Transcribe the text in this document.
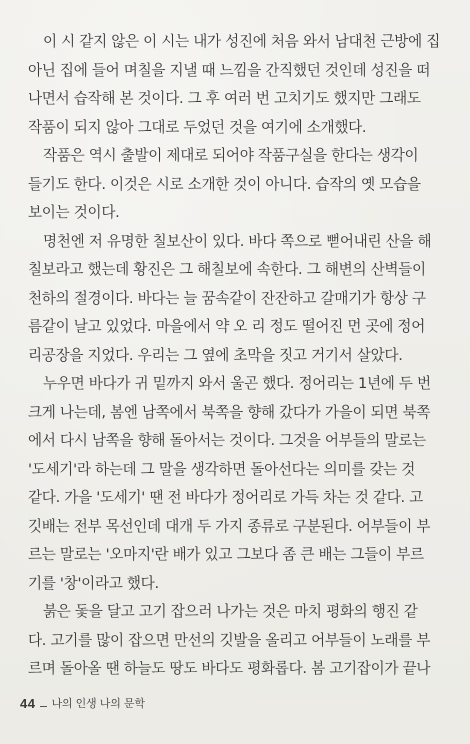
이 시 같지 않은 이 시는 내가 성진에 처음 와서 남대천 근방에 집
아닌 집에 들어 며칠을 지낼 때 느낌을 간직했던 것인데 성진을 떠
나면서 습작해 본 것이다. 그 후 여러 번 고치기도 했지만 그래도
작품이 되지 않아 그대로 두었던 것을 여기에 소개했다.
작품은 역시 출발이 제대로 되어야 작품구실을 한다는 생각이
들기도 한다. 이것은 시로 소개한 것이 아니다. 습작의 옛 모습을
보이는 것이다.
명천엔 저 유명한 칠보산이 있다. 바다 쪽으로 뻗어내린 산을 해
칠보라고 했는데 황진은 그 해칠보에 속한다. 그 해변의 산벽들이
천하의 절경이다. 바다는 늘 꿈속같이 잔잔하고 갈매기가 항상 구
름같이 날고 있었다. 마을에서 약 오 리 정도 떨어진 먼 곳에 정어
리공장을 지었다. 우리는 그 옆에 초막을 짓고 거기서 살았다.
누우면 바다가 귀 밑까지 와서 울곤 했다. 정어리는 1년에 두 번
크게 나는데, 봄엔 남쪽에서 북쪽을 향해 갔다가 가을이 되면 북쪽
에서 다시 남쪽을 향해 돌아서는 것이다. 그것을 어부들의 말로는
'도세기'라 하는데 그 말을 생각하면 돌아선다는 의미를 갖는 것
같다. 가을 '도세기' 땐 전 바다가 정어리로 가득 차는 것 같다. 고
깃배는 전부 목선인데 대개 두 가지 종류로 구분된다. 어부들이 부
르는 말로는 '오마지'란 배가 있고 그보다 좀 큰 배는 그들이 부르
기를 '창'이라고 했다.
붉은 돛을 달고 고기 잡으러 나가는 것은 마치 평화의 행진 같
다. 고기를 많이 잡으면 만선의 깃발을 올리고 어부들이 노래를 부
르며 돌아올 땐 하늘도 땅도 바다도 평화롭다. 봄 고기잡이가 끝나
44 나의 인생 나의 문학
